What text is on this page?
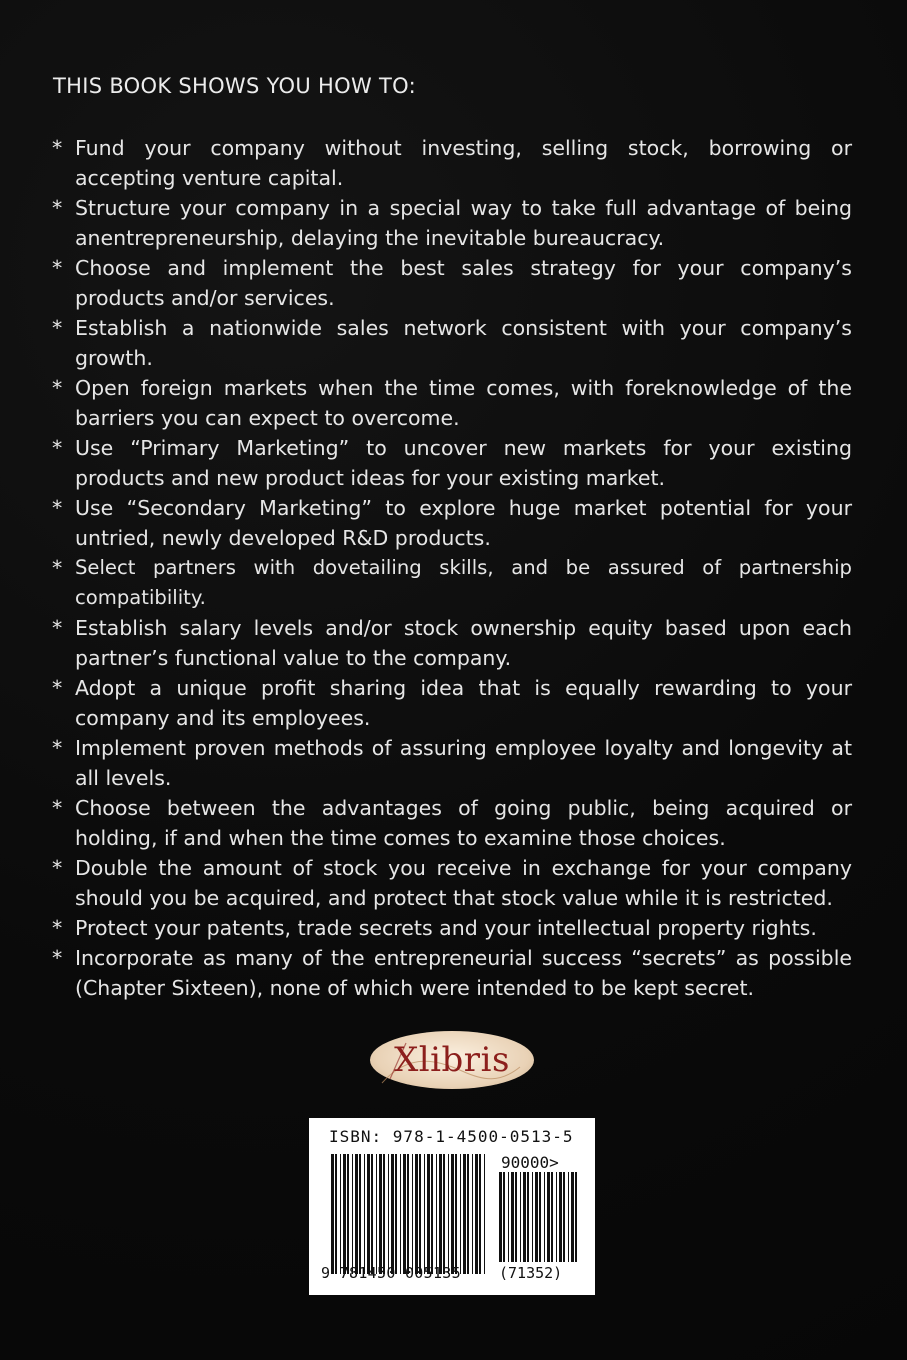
THIS BOOK SHOWS YOU HOW TO:
* Fund your company without investing, selling stock, borrowing or accepting venture capital.
* Structure your company in a special way to take full advantage of being anentrepreneurship, delaying the inevitable bureaucracy.
* Choose and implement the best sales strategy for your company’s products and/or services.
* Establish a nationwide sales network consistent with your company’s growth.
* Open foreign markets when the time comes, with foreknowledge of the barriers you can expect to overcome.
* Use “Primary Marketing” to uncover new markets for your existing products and new product ideas for your existing market.
* Use “Secondary Marketing” to explore huge market potential for your untried, newly developed R&D products.
* Select partners with dovetailing skills, and be assured of partnership compatibility.
* Establish salary levels and/or stock ownership equity based upon each partner’s functional value to the company.
* Adopt a unique profit sharing idea that is equally rewarding to your company and its employees.
* Implement proven methods of assuring employee loyalty and longevity at all levels.
* Choose between the advantages of going public, being acquired or holding, if and when the time comes to examine those choices.
* Double the amount of stock you receive in exchange for your company should you be acquired, and protect that stock value while it is restricted.
* Protect your patents, trade secrets and your intellectual property rights.
* Incorporate as many of the entrepreneurial success “secrets” as possible (Chapter Sixteen), none of which were intended to be kept secret.
Xlibris
ISBN: 978-1-4500-0513-5
90000>
9 781450 005135	(71352)
